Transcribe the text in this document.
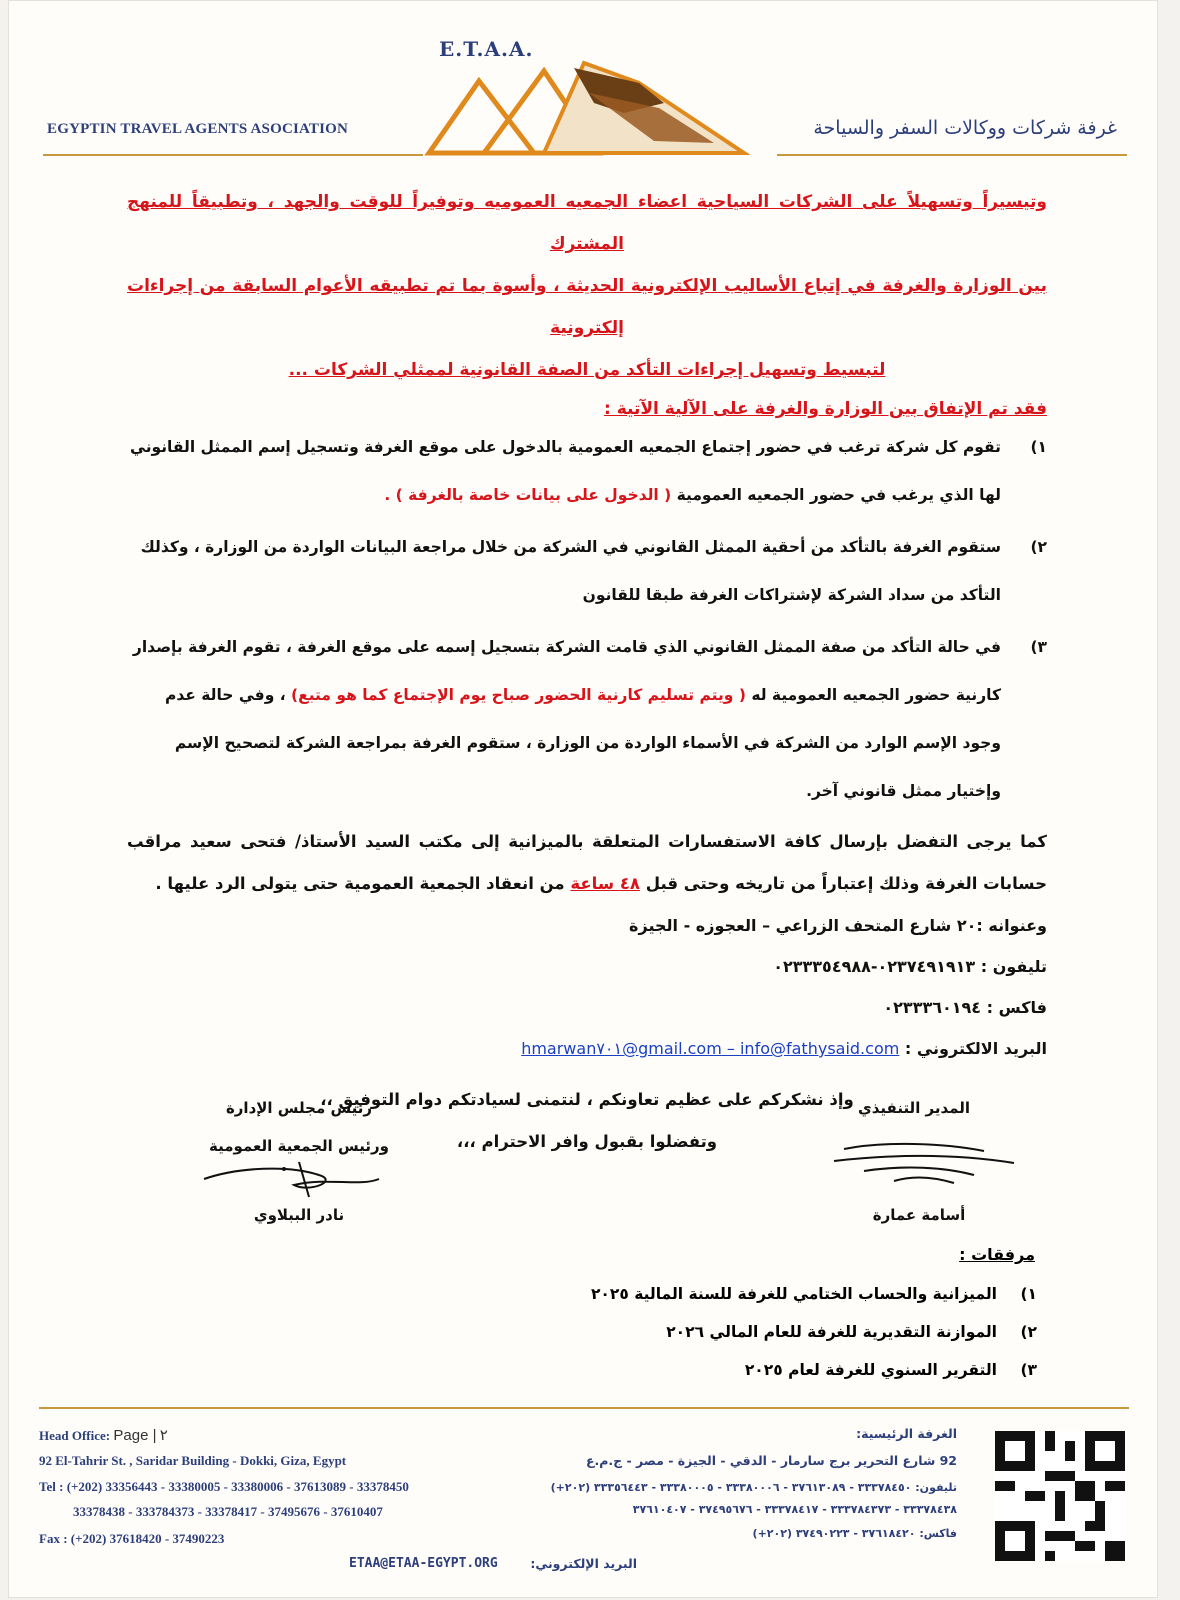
E.T.A.A.
EGYPTIN TRAVEL AGENTS ASOCIATION	غرفة شركات ووكالات السفر والسياحة
وتيسيراً وتسهيلاً على الشركات السياحية اعضاء الجمعيه العموميه وتوفيراً للوقت والجهد ، وتطبيقاً للمنهج المشترك
بين الوزارة والغرفة في إتباع الأساليب الإلكترونية الحديثة ، وأسوة بما تم تطبيقه الأعوام السابقة من إجراءات إلكترونية
لتبسيط وتسهيل إجراءات التأكد من الصفة القانونية لممثلي الشركات ...
فقد تم الإتفاق بين الوزارة والغرفة على الآلية الآتية :
١)
تقوم كل شركة ترغب في حضور إجتماع الجمعيه العمومية بالدخول على موقع الغرفة وتسجيل إسم الممثل القانوني لها الذي يرغب في حضور الجمعيه العمومية ( الدخول على بيانات خاصة بالغرفة ) .
٢)
ستقوم الغرفة بالتأكد من أحقية الممثل القانوني في الشركة من خلال مراجعة البيانات الواردة من الوزارة ، وكذلك التأكد من سداد الشركة لإشتراكات الغرفة طبقا للقانون
٣)
في حالة التأكد من صفة الممثل القانوني الذي قامت الشركة بتسجيل إسمه على موقع الغرفة ، تقوم الغرفة بإصدار كارنية حضور الجمعيه العمومية له ( ويتم تسليم كارنية الحضور صباح يوم الإجتماع كما هو متبع) ، وفي حالة عدم وجود الإسم الوارد من الشركة في الأسماء الواردة من الوزارة ، ستقوم الغرفة بمراجعة الشركة لتصحيح الإسم وإختيار ممثل قانوني آخر.
كما يرجى التفضل بإرسال كافة الاستفسارات المتعلقة بالميزانية إلى مكتب السيد الأستاذ/ فتحى سعيد مراقب حسابات الغرفة وذلك إعتباراً من تاريخه وحتى قبل ٤٨ ساعة من انعقاد الجمعية العمومية حتى يتولى الرد عليها .
وعنوانه :٢٠ شارع المتحف الزراعي – العجوزه - الجيزة
تليفون : ٠٢٣٧٤٩١٩١٣-٠٢٣٣٣٥٤٩٨٨
فاكس : ٠٢٣٣٣٦٠١٩٤
البريد الالكتروني : hmarwan٧٠١@gmail.com – info@fathysaid.com
وإذ نشكركم على عظيم تعاونكم ، لنتمنى لسيادتكم دوام التوفيق ،،
وتفضلوا بقبول وافر الاحترام ،،،
رئيس مجلس الإدارة
ورئيس الجمعية العمومية
نادر الببلاوي
المدير التنفيذي
أسامة عمارة
مرفقات :
١)الميزانية والحساب الختامي للغرفة للسنة المالية ٢٠٢٥
٢)الموازنة التقديرية للغرفة للعام المالي ٢٠٢٦
٣)التقرير السنوي للغرفة لعام ٢٠٢٥
Head Office: Page | ٢
92 El-Tahrir St. , Saridar Building - Dokki, Giza, Egypt
Tel : (+202) 33356443 - 33380005 - 33380006 - 37613089 - 33378450
33378438 - 333784373 - 33378417 - 37495676 - 37610407
Fax : (+202) 37618420 - 37490223
ETAA@ETAA-EGYPT.ORG	البريد الإلكتروني:
الغرفة الرئيسية:
92 شارع التحرير برج سارمار - الدقي - الجيزة - مصر - ج.م.ع
تليفون: ٣٣٣٧٨٤٥٠ - ٣٧٦١٣٠٨٩ - ٣٣٣٨٠٠٠٦ - ٣٣٣٨٠٠٠٥ - ٣٣٣٥٦٤٤٣ (٢٠٢+)
٣٣٣٧٨٤٣٨ - ٣٣٣٧٨٤٣٧٣ - ٣٣٣٧٨٤١٧ - ٣٧٤٩٥٦٧٦ - ٣٧٦١٠٤٠٧
فاكس: ٣٧٦١٨٤٢٠ - ٣٧٤٩٠٢٢٣ (٢٠٢+)
